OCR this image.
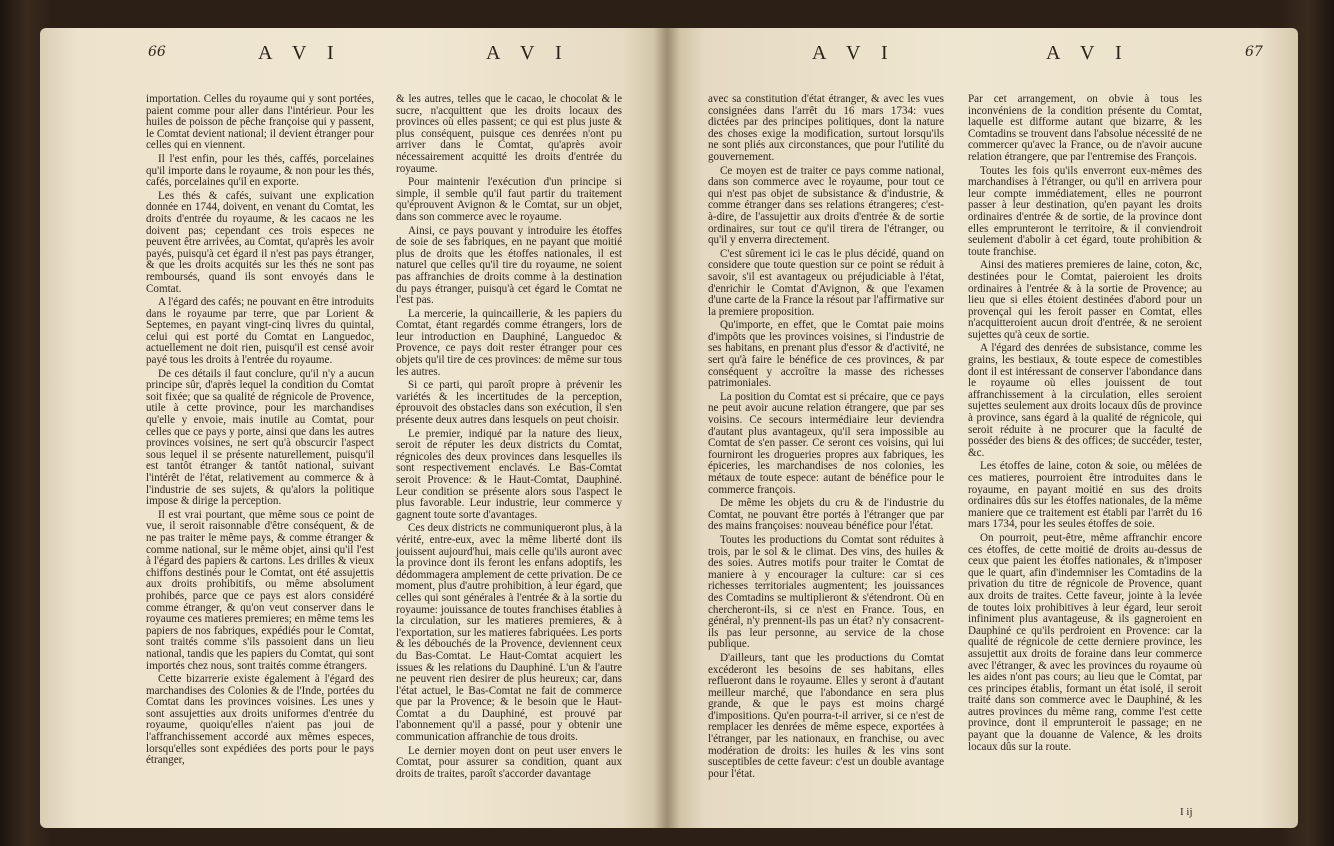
66	A V I	A V I	A V I	A V I	67

importation. Celles du royaume qui y sont portées, paient comme pour aller dans l'intérieur. Pour les huiles de poisson de pêche françoise qui y passent, le Comtat devient national; il devient étranger pour celles qui en viennent.

Il l'est enfin, pour les thés, caffés, porcelaines qu'il importe dans le royaume, & non pour les thés, cafés, porcelaines qu'il en exporte.

Les thés & cafés, suivant une explication donnée en 1744, doivent, en venant du Comtat, les droits d'entrée du royaume, & les cacaos ne les doivent pas; cependant ces trois especes ne peuvent être arrivées, au Comtat, qu'après les avoir payés, puisqu'à cet égard il n'est pas pays étranger, & que les droits acquités sur les thés ne sont pas remboursés, quand ils sont envoyés dans le Comtat.

A l'égard des cafés; ne pouvant en être introduits dans le royaume par terre, que par Lorient & Septemes, en payant vingt-cinq livres du quintal, celui qui est porté du Comtat en Languedoc, actuellement ne doit rien, puisqu'il est censé avoir payé tous les droits à l'entrée du royaume.

De ces détails il faut conclure, qu'il n'y a aucun principe sûr, d'après lequel la condition du Comtat soit fixée; que sa qualité de régnicole de Provence, utile à cette province, pour les marchandises qu'elle y envoie, mais inutile au Comtat, pour celles que ce pays y porte, ainsi que dans les autres provinces voisines, ne sert qu'à obscurcir l'aspect sous lequel il se présente naturellement, puisqu'il est tantôt étranger & tantôt national, suivant l'intérêt de l'état, relativement au commerce & à l'industrie de ses sujets, & qu'alors la politique impose & dirige la perception.

Il est vrai pourtant, que même sous ce point de vue, il seroit raisonnable d'être conséquent, & de ne pas traiter le même pays, & comme étranger & comme national, sur le même objet, ainsi qu'il l'est à l'égard des papiers & cartons. Les drilles & vieux chiffons destinés pour le Comtat, ont été assujettis aux droits prohibitifs, ou même absolument prohibés, parce que ce pays est alors considéré comme étranger, & qu'on veut conserver dans le royaume ces matieres premieres; en même tems les papiers de nos fabriques, expédiés pour le Comtat, sont traités comme s'ils passoient dans un lieu national, tandis que les papiers du Comtat, qui sont importés chez nous, sont traités comme étrangers.

Cette bizarrerie existe également à l'égard des marchandises des Colonies & de l'Inde, portées du Comtat dans les provinces voisines. Les unes y sont assujetties aux droits uniformes d'entrée du royaume, quoiqu'elles n'aient pas joui de l'affranchissement accordé aux mêmes especes, lorsqu'elles sont expédiées des ports pour le pays étranger,

& les autres, telles que le cacao, le chocolat & le sucre, n'acquittent que les droits locaux des provinces où elles passent; ce qui est plus juste & plus conséquent, puisque ces denrées n'ont pu arriver dans le Comtat, qu'après avoir nécessairement acquitté les droits d'entrée du royaume.

Pour maintenir l'exécution d'un principe si simple, il semble qu'il faut partir du traitement qu'éprouvent Avignon & le Comtat, sur un objet, dans son commerce avec le royaume.

Ainsi, ce pays pouvant y introduire les étoffes de soie de ses fabriques, en ne payant que moitié plus de droits que les étoffes nationales, il est naturel que celles qu'il tire du royaume, ne soient pas affranchies de droits comme à la destination du pays étranger, puisqu'à cet égard le Comtat ne l'est pas.

La mercerie, la quincaillerie, & les papiers du Comtat, étant regardés comme étrangers, lors de leur introduction en Dauphiné, Languedoc & Provence, ce pays doit rester étranger pour ces objets qu'il tire de ces provinces: de même sur tous les autres.

Si ce parti, qui paroît propre à prévenir les variétés & les incertitudes de la perception, éprouvoit des obstacles dans son exécution, il s'en présente deux autres dans lesquels on peut choisir.

Le premier, indiqué par la nature des lieux, seroit de réputer les deux districts du Comtat, régnicoles des deux provinces dans lesquelles ils sont respectivement enclavés. Le Bas-Comtat seroit Provence: & le Haut-Comtat, Dauphiné. Leur condition se présente alors sous l'aspect le plus favorable. Leur industrie, leur commerce y gagnent toute sorte d'avantages.

Ces deux districts ne communiqueront plus, à la vérité, entre-eux, avec la même liberté dont ils jouissent aujourd'hui, mais celle qu'ils auront avec la province dont ils feront les enfans adoptifs, les dédommagera amplement de cette privation. De ce moment, plus d'autre prohibition, à leur égard, que celles qui sont générales à l'entrée & à la sortie du royaume: jouissance de toutes franchises établies à la circulation, sur les matieres premieres, & à l'exportation, sur les matieres fabriquées. Les ports & les débouchés de la Provence, deviennent ceux du Bas-Comtat. Le Haut-Comtat acquiert les issues & les relations du Dauphiné. L'un & l'autre ne peuvent rien desirer de plus heureux; car, dans l'état actuel, le Bas-Comtat ne fait de commerce que par la Provence; & le besoin que le Haut-Comtat a du Dauphiné, est prouvé par l'abonnement qu'il a passé, pour y obtenir une communication affranchie de tous droits.

Le dernier moyen dont on peut user envers le Comtat, pour assurer sa condition, quant aux droits de traites, paroît s'accorder davantage

avec sa constitution d'état étranger, & avec les vues consignées dans l'arrêt du 16 mars 1734: vues dictées par des principes politiques, dont la nature des choses exige la modification, surtout lorsqu'ils ne sont pliés aux circonstances, que pour l'utilité du gouvernement.

Ce moyen est de traiter ce pays comme national, dans son commerce avec le royaume, pour tout ce qui n'est pas objet de subsistance & d'industrie, & comme étranger dans ses relations étrangeres; c'est-à-dire, de l'assujettir aux droits d'entrée & de sortie ordinaires, sur tout ce qu'il tirera de l'étranger, ou qu'il y enverra directement.

C'est sûrement ici le cas le plus décidé, quand on considere que toute question sur ce point se réduit à savoir, s'il est avantageux ou préjudiciable à l'état, d'enrichir le Comtat d'Avignon, & que l'examen d'une carte de la France la résout par l'affirmative sur la premiere proposition.

Qu'importe, en effet, que le Comtat paie moins d'impôts que les provinces voisines, si l'industrie de ses habitans, en prenant plus d'essor & d'activité, ne sert qu'à faire le bénéfice de ces provinces, & par conséquent y accroître la masse des richesses patrimoniales.

La position du Comtat est si précaire, que ce pays ne peut avoir aucune relation étrangere, que par ses voisins. Ce secours intermédiaire leur deviendra d'autant plus avantageux, qu'il sera impossible au Comtat de s'en passer. Ce seront ces voisins, qui lui fourniront les drogueries propres aux fabriques, les épiceries, les marchandises de nos colonies, les métaux de toute espece: autant de bénéfice pour le commerce françois.

De même les objets du cru & de l'industrie du Comtat, ne pouvant être portés à l'étranger que par des mains françoises: nouveau bénéfice pour l'état.

Toutes les productions du Comtat sont réduites à trois, par le sol & le climat. Des vins, des huiles & des soies. Autres motifs pour traiter le Comtat de maniere à y encourager la culture: car si ces richesses territoriales augmentent; les jouissances des Comtadins se multiplieront & s'étendront. Où en chercheront-ils, si ce n'est en France. Tous, en général, n'y prennent-ils pas un état? n'y consacrent-ils pas leur personne, au service de la chose publique.

D'ailleurs, tant que les productions du Comtat excéderont les besoins de ses habitans, elles reflueront dans le royaume. Elles y seront à d'autant meilleur marché, que l'abondance en sera plus grande, & que le pays est moins chargé d'impositions. Qu'en pourra-t-il arriver, si ce n'est de remplacer les denrées de même espece, exportées à l'étranger, par les nationaux, en franchise, ou avec modération de droits: les huiles & les vins sont susceptibles de cette faveur: c'est un double avantage pour l'état.

Par cet arrangement, on obvie à tous les inconvéniens de la condition présente du Comtat, laquelle est difforme autant que bizarre, & les Comtadins se trouvent dans l'absolue nécessité de ne commercer qu'avec la France, ou de n'avoir aucune relation étrangere, que par l'entremise des François.

Toutes les fois qu'ils enverront eux-mêmes des marchandises à l'étranger, ou qu'il en arrivera pour leur compte immédiatement, elles ne pourront passer à leur destination, qu'en payant les droits ordinaires d'entrée & de sortie, de la province dont elles emprunteront le territoire, & il conviendroit seulement d'abolir à cet égard, toute prohibition & toute franchise.

Ainsi des matieres premieres de laine, coton, &c, destinées pour le Comtat, paieroient les droits ordinaires à l'entrée & à la sortie de Provence; au lieu que si elles étoient destinées d'abord pour un provençal qui les feroit passer en Comtat, elles n'acquitteroient aucun droit d'entrée, & ne seroient sujettes qu'à ceux de sortie.

A l'égard des denrées de subsistance, comme les grains, les bestiaux, & toute espece de comestibles dont il est intéressant de conserver l'abondance dans le royaume où elles jouissent de tout affranchissement à la circulation, elles seroient sujettes seulement aux droits locaux dûs de province à province, sans égard à la qualité de régnicole, qui seroit réduite à ne procurer que la faculté de posséder des biens & des offices; de succéder, tester, &c.

Les étoffes de laine, coton & soie, ou mêlées de ces matieres, pourroient être introduites dans le royaume, en payant moitié en sus des droits ordinaires dûs sur les étoffes nationales, de la même maniere que ce traitement est établi par l'arrêt du 16 mars 1734, pour les seules étoffes de soie.

On pourroit, peut-être, même affranchir encore ces étoffes, de cette moitié de droits au-dessus de ceux que paient les étoffes nationales, & n'imposer que le quart, afin d'indemniser les Comtadins de la privation du titre de régnicole de Provence, quant aux droits de traites. Cette faveur, jointe à la levée de toutes loix prohibitives à leur égard, leur seroit infiniment plus avantageuse, & ils gagneroient en Dauphiné ce qu'ils perdroient en Provence: car la qualité de régnicole de cette derniere province, les assujettit aux droits de foraine dans leur commerce avec l'étranger, & avec les provinces du royaume où les aides n'ont pas cours; au lieu que le Comtat, par ces principes établis, formant un état isolé, il seroit traité dans son commerce avec le Dauphiné, & les autres provinces du même rang, comme l'est cette province, dont il emprunteroit le passage; en ne payant que la douanne de Valence, & les droits locaux dûs sur la route.

I ij
